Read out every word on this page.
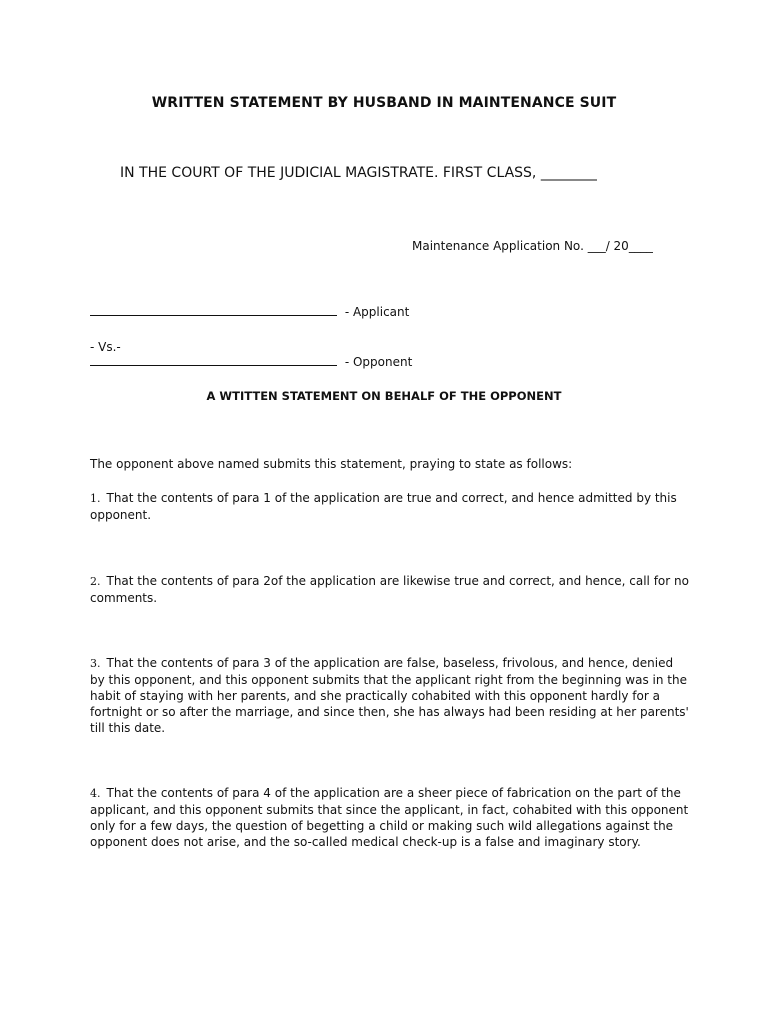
WRITTEN STATEMENT BY HUSBAND IN MAINTENANCE SUIT
IN THE COURT OF THE JUDICIAL MAGISTRATE. FIRST CLASS, ________
Maintenance Application No. ___/ 20____
- Applicant
- Vs.-
- Opponent
A WTITTEN STATEMENT ON BEHALF OF THE OPPONENT
The opponent above named submits this statement, praying to state as follows:
1. That the contents of para 1 of the application are true and correct, and hence admitted by this opponent.
2. That the contents of para 2of the application are likewise true and correct, and hence, call for no comments.
3. That the contents of para 3 of the application are false, baseless, frivolous, and hence, denied by this opponent, and this opponent submits that the applicant right from the beginning was in the habit of staying with her parents, and she practically cohabited with this opponent hardly for a fortnight or so after the marriage, and since then, she has always had been residing at her parents' till this date.
4. That the contents of para 4 of the application are a sheer piece of fabrication on the part of the applicant, and this opponent submits that since the applicant, in fact, cohabited with this opponent only for a few days, the question of begetting a child or making such wild allegations against the opponent does not arise, and the so-called medical check-up is a false and imaginary story.
